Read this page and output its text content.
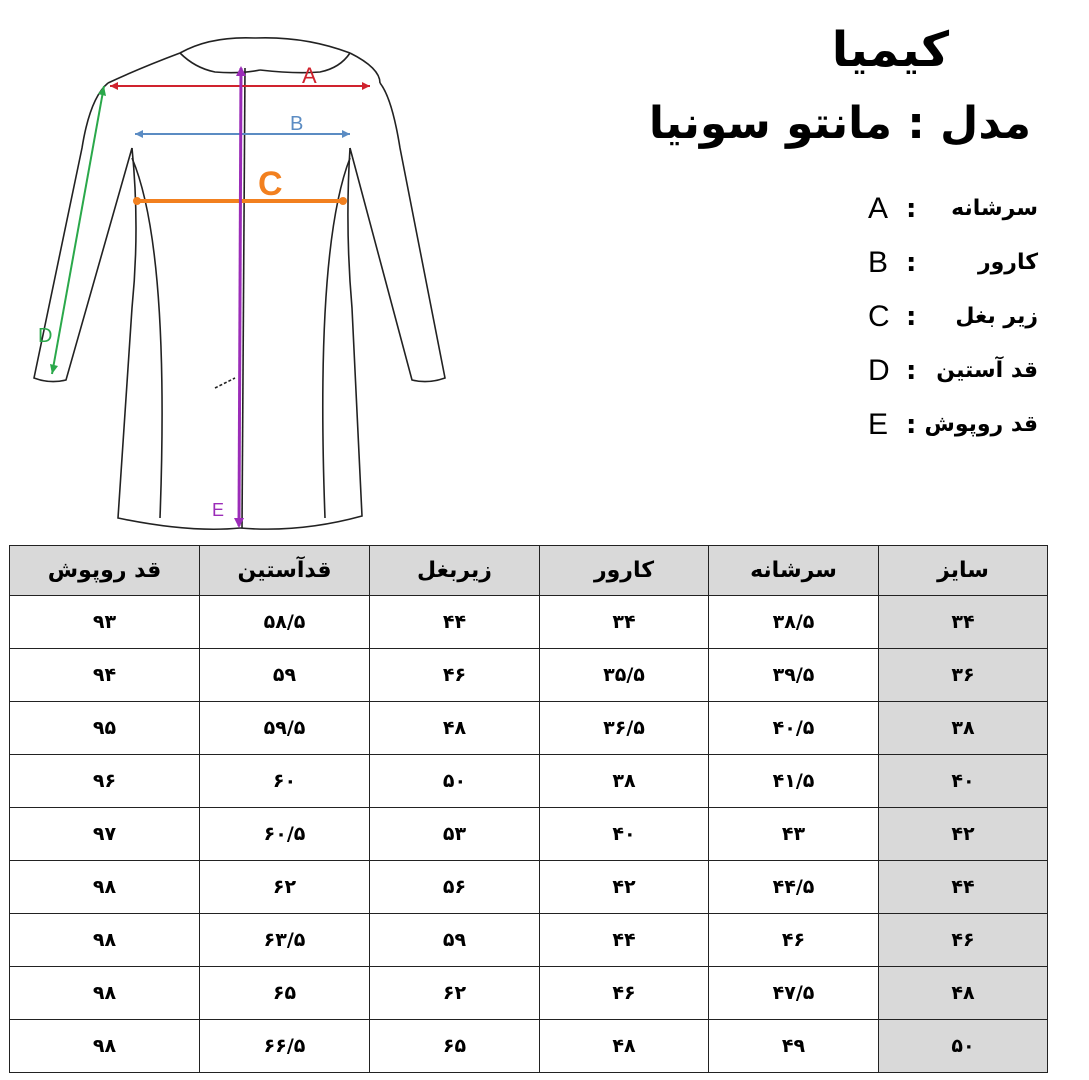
A
B
C
D
E
کیمیا
مدل : مانتو سونیا
A : سرشانه
B :	کارور
C : زیر بغل
D : قد آستین
E : قد روپوش
سایز	سرشانه	کارور	زیربغل	قدآستین	قد روپوش
۳۴	۳۸/۵	۳۴	۴۴	۵۸/۵	۹۳
۳۶	۳۹/۵	۳۵/۵	۴۶	۵۹	۹۴
۳۸	۴۰/۵	۳۶/۵	۴۸	۵۹/۵	۹۵
۴۰	۴۱/۵	۳۸	۵۰	۶۰	۹۶
۴۲	۴۳	۴۰	۵۳	۶۰/۵	۹۷
۴۴	۴۴/۵	۴۲	۵۶	۶۲	۹۸
۴۶	۴۶	۴۴	۵۹	۶۳/۵	۹۸
۴۸	۴۷/۵	۴۶	۶۲	۶۵	۹۸
۵۰	۴۹	۴۸	۶۵	۶۶/۵	۹۸
